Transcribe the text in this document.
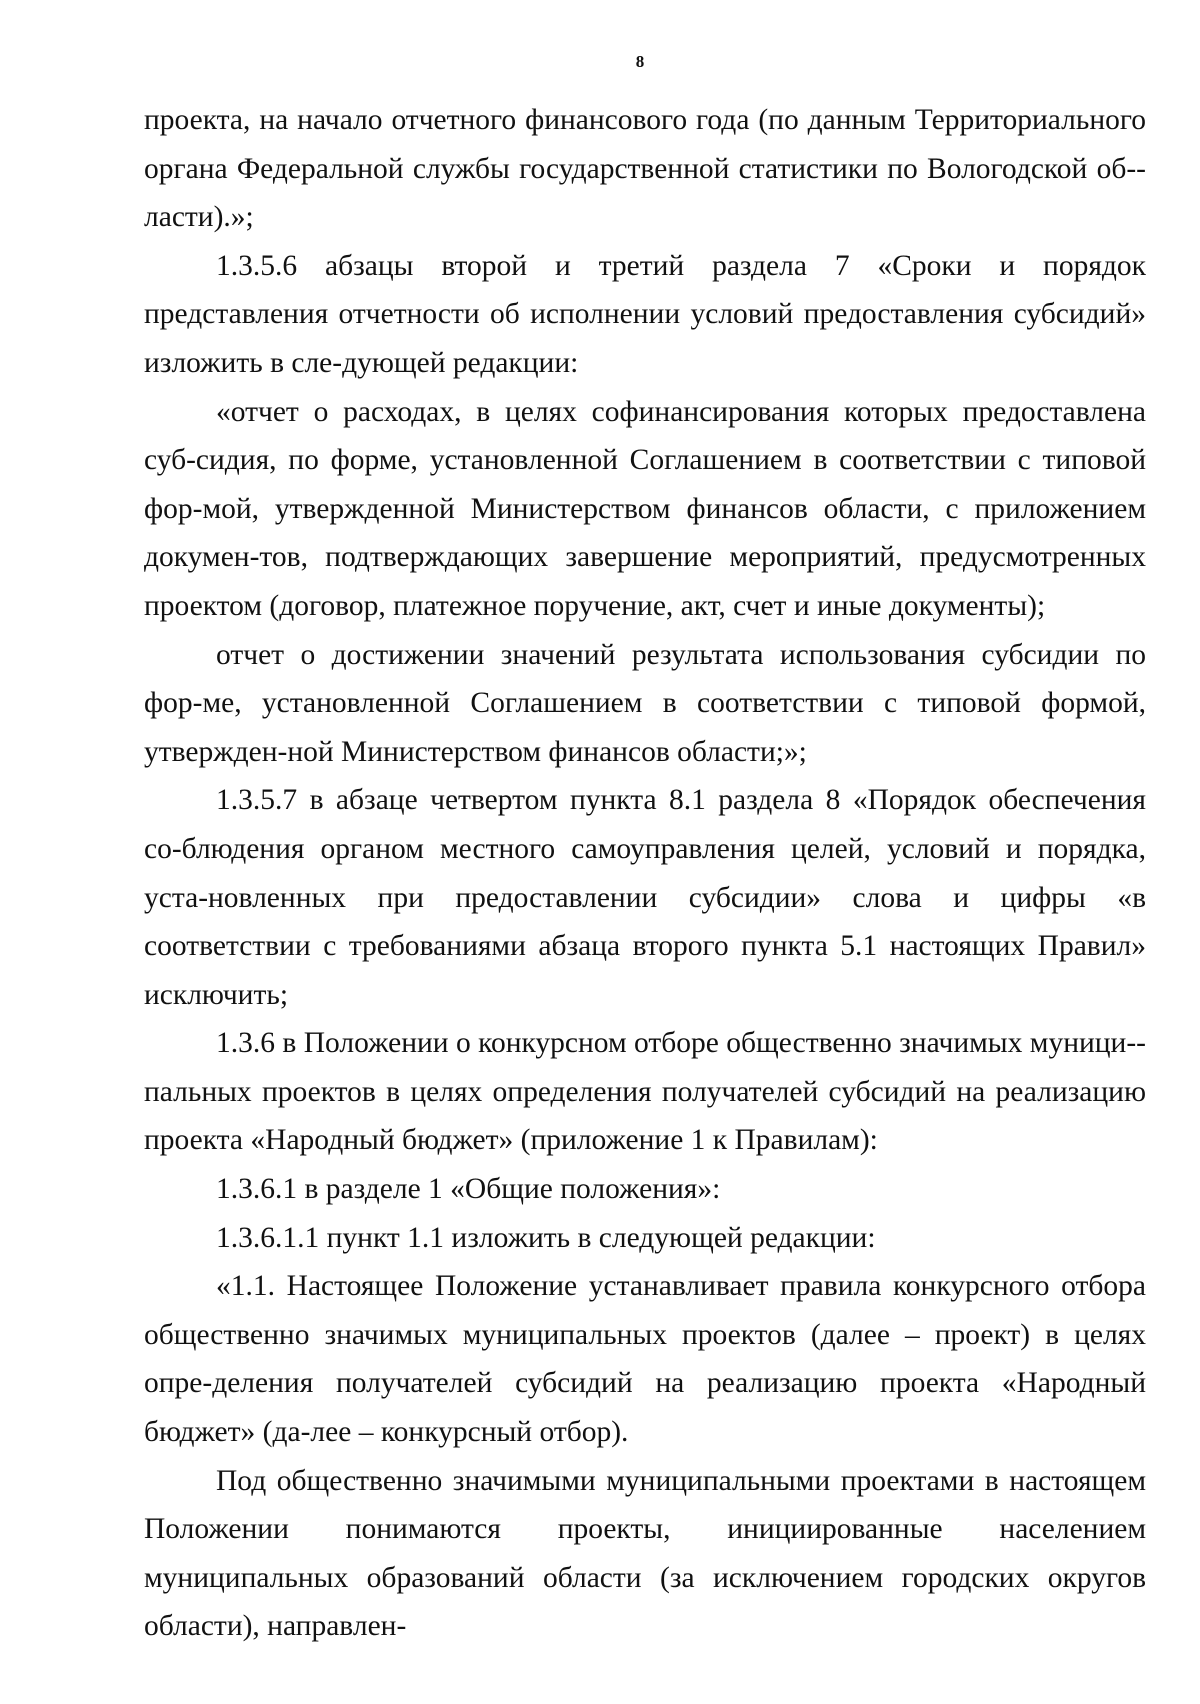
8

проекта, на начало отчетного финансового года (по данным Территориального органа Федеральной службы государственной статистики по Вологодской об-ласти).»;

1.3.5.6 абзацы второй и третий раздела 7 «Сроки и порядок представления отчетности об исполнении условий предоставления субсидий» изложить в сле-дующей редакции:

«отчет о расходах, в целях софинансирования которых предоставлена суб-сидия, по форме, установленной Соглашением в соответствии с типовой фор-мой, утвержденной Министерством финансов области, с приложением докумен-тов, подтверждающих завершение мероприятий, предусмотренных проектом (договор, платежное поручение, акт, счет и иные документы);

отчет о достижении значений результата использования субсидии по фор-ме, установленной Соглашением в соответствии с типовой формой, утвержден-ной Министерством финансов области;»;

1.3.5.7 в абзаце четвертом пункта 8.1 раздела 8 «Порядок обеспечения со-блюдения органом местного самоуправления целей, условий и порядка, уста-новленных при предоставлении субсидии» слова и цифры «в соответствии с требованиями абзаца второго пункта 5.1 настоящих Правил» исключить;

1.3.6 в Положении о конкурсном отборе общественно значимых муници-пальных проектов в целях определения получателей субсидий на реализацию проекта «Народный бюджет» (приложение 1 к Правилам):

1.3.6.1 в разделе 1 «Общие положения»:

1.3.6.1.1 пункт 1.1 изложить в следующей редакции:

«1.1. Настоящее Положение устанавливает правила конкурсного отбора общественно значимых муниципальных проектов (далее – проект) в целях опре-деления получателей субсидий на реализацию проекта «Народный бюджет» (да-лее – конкурсный отбор).

Под общественно значимыми муниципальными проектами в настоящем Положении понимаются проекты, инициированные населением муниципальных образований области (за исключением городских округов области), направлен-
